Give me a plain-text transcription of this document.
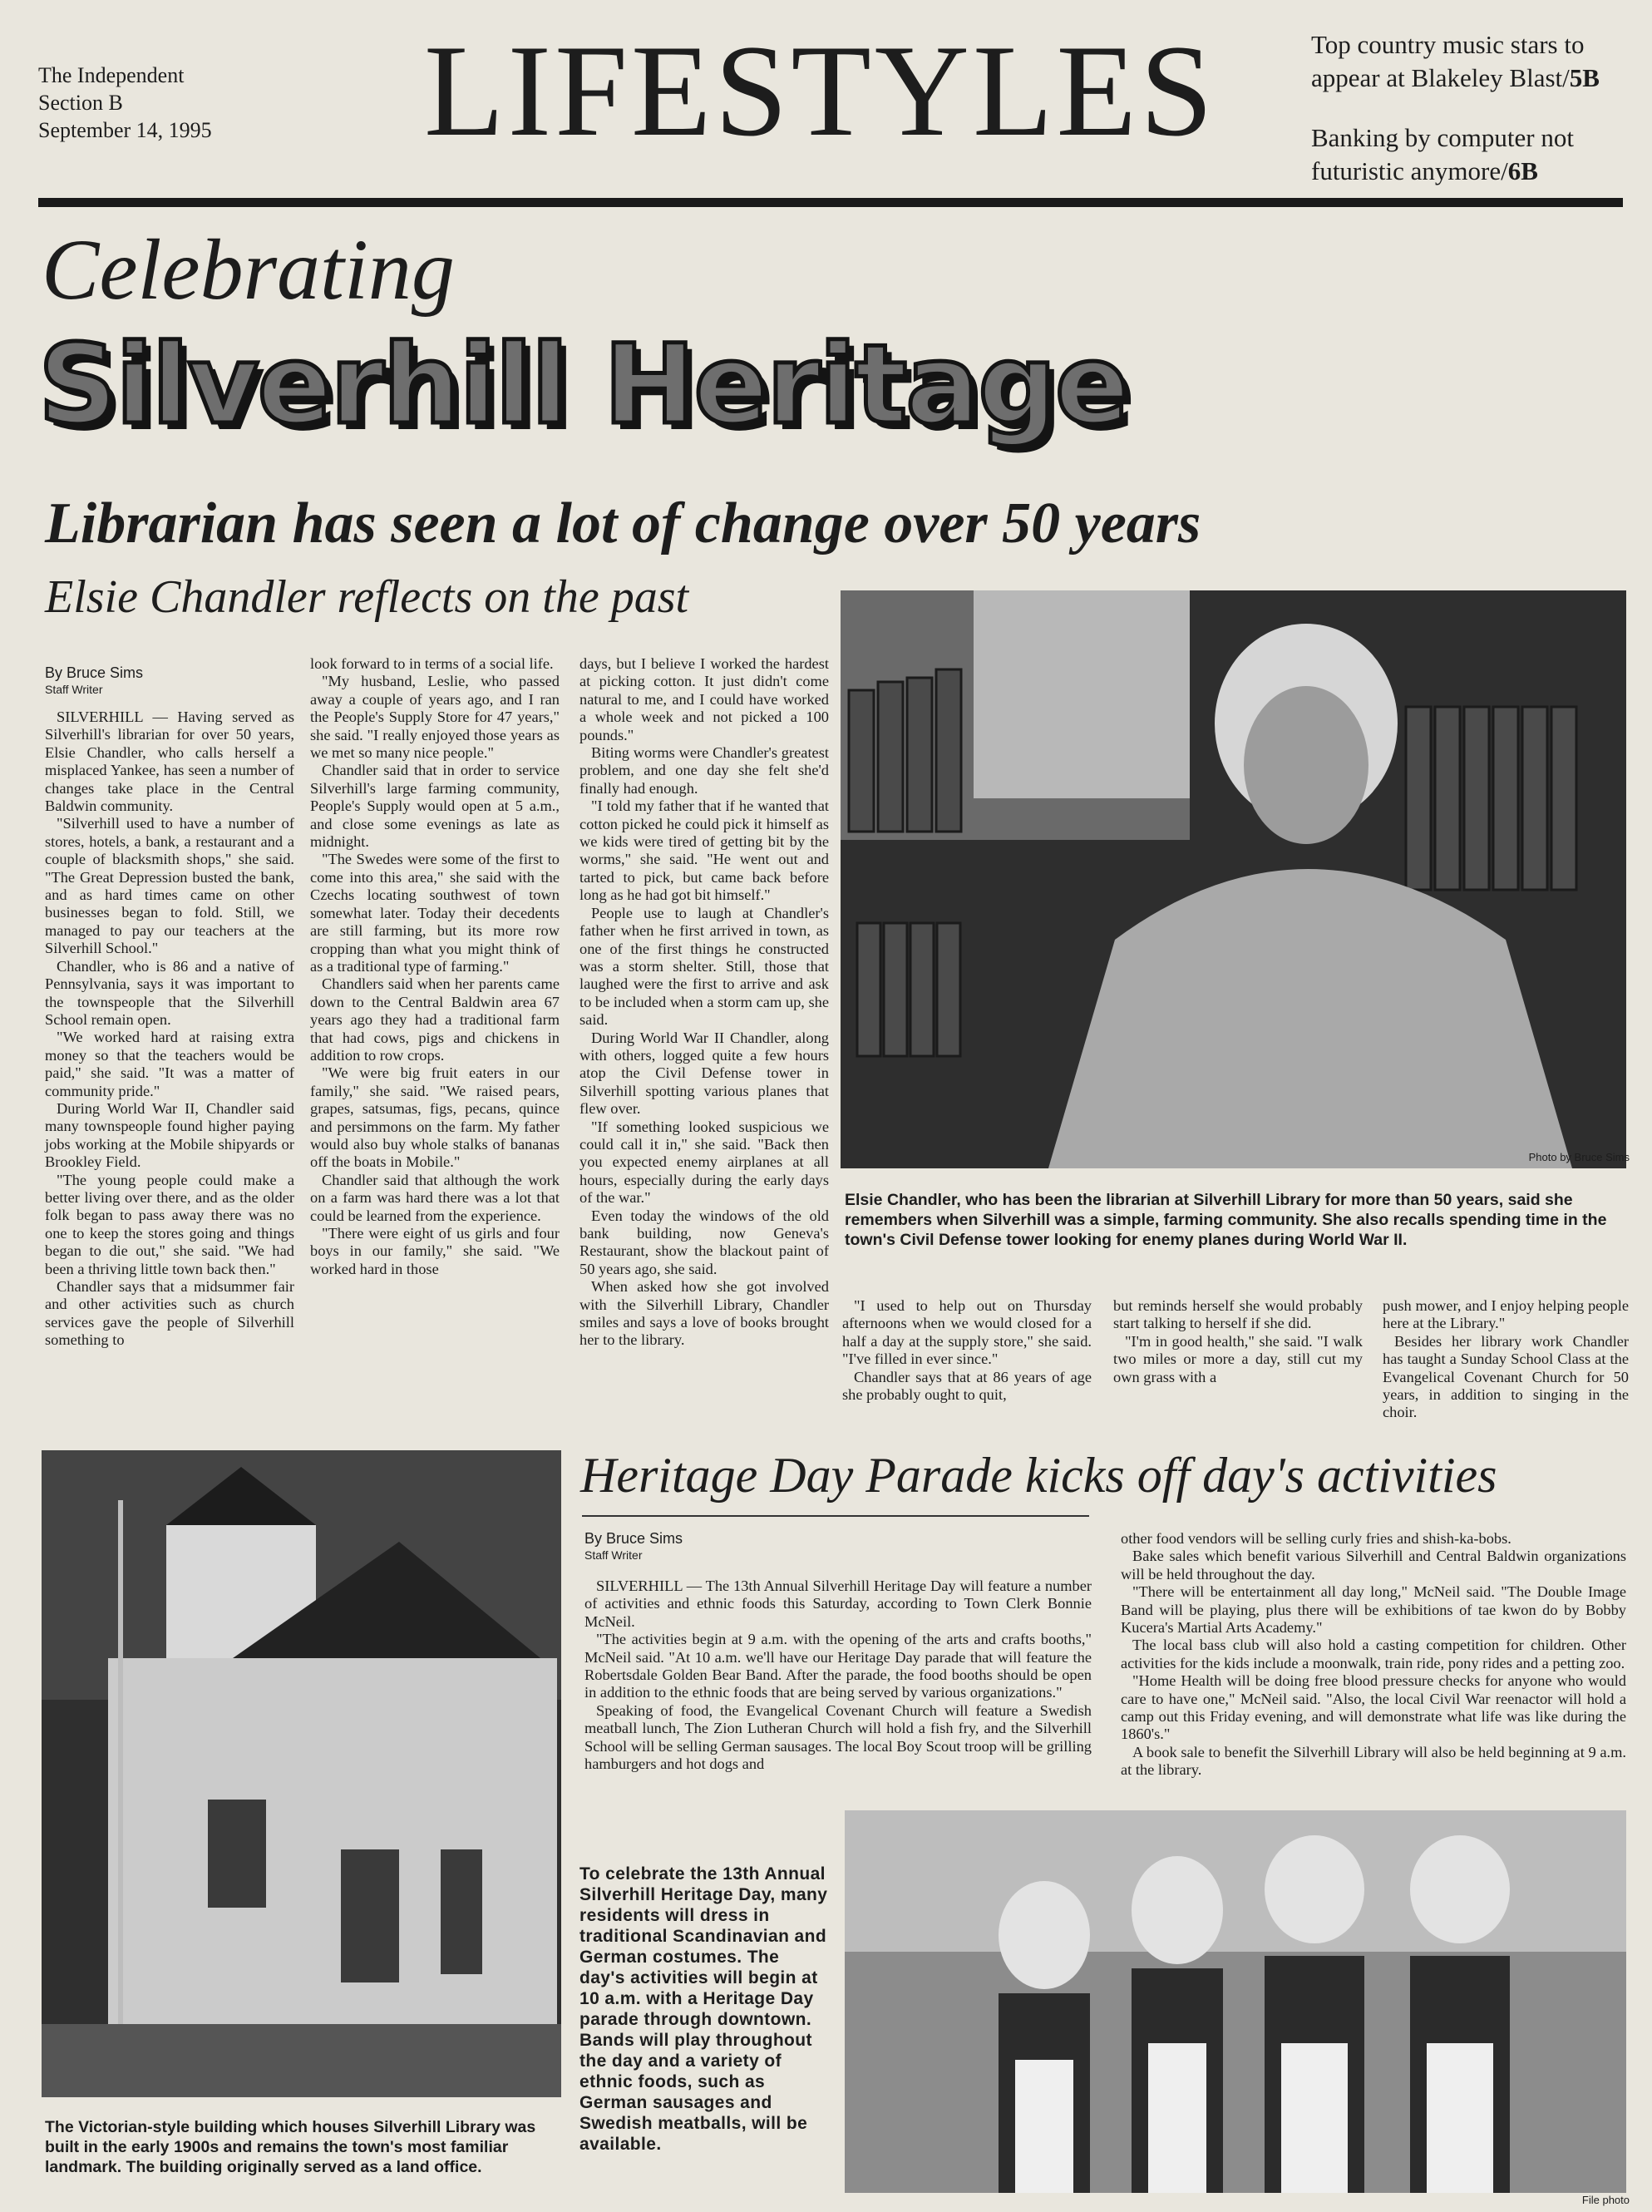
The Independent
Section B
September 14, 1995	LIFESTYLES	Top country music stars to appear at Blakeley Blast/5B
Banking by computer not futuristic anymore/6B
Celebrating
Silverhill Heritage
Librarian has seen a lot of change over 50 years
Elsie Chandler reflects on the past
By Bruce Sims
Staff Writer

SILVERHILL — Having served as Silverhill's librarian for over 50 years, Elsie Chandler, who calls herself a misplaced Yankee, has seen a number of changes take place in the Central Baldwin community.

"Silverhill used to have a number of stores, hotels, a bank, a restaurant and a couple of blacksmith shops," she said. "The Great Depression busted the bank, and as hard times came on other businesses began to fold. Still, we managed to pay our teachers at the Silverhill School."

Chandler, who is 86 and a native of Pennsylvania, says it was important to the townspeople that the Silverhill School remain open.

"We worked hard at raising extra money so that the teachers would be paid," she said. "It was a matter of community pride."

During World War II, Chandler said many townspeople found higher paying jobs working at the Mobile shipyards or Brookley Field.

"The young people could make a better living over there, and as the older folk began to pass away there was no one to keep the stores going and things began to die out," she said. "We had been a thriving little town back then."

Chandler says that a midsummer fair and other activities such as church services gave the people of Silverhill something to

look forward to in terms of a social life.

"My husband, Leslie, who passed away a couple of years ago, and I ran the People's Supply Store for 47 years," she said. "I really enjoyed those years as we met so many nice people."

Chandler said that in order to service Silverhill's large farming community, People's Supply would open at 5 a.m., and close some evenings as late as midnight.

"The Swedes were some of the first to come into this area," she said with the Czechs locating southwest of town somewhat later. Today their decedents are still farming, but its more row cropping than what you might think of as a traditional type of farming."

Chandlers said when her parents came down to the Central Baldwin area 67 years ago they had a traditional farm that had cows, pigs and chickens in addition to row crops.

"We were big fruit eaters in our family," she said. "We raised pears, grapes, satsumas, figs, pecans, quince and persimmons on the farm. My father would also buy whole stalks of bananas off the boats in Mobile."

Chandler said that although the work on a farm was hard there was a lot that could be learned from the experience.

"There were eight of us girls and four boys in our family," she said. "We worked hard in those

days, but I believe I worked the hardest at picking cotton. It just didn't come natural to me, and I could have worked a whole week and not picked a 100 pounds."

Biting worms were Chandler's greatest problem, and one day she felt she'd finally had enough.

"I told my father that if he wanted that cotton picked he could pick it himself as we kids were tired of getting bit by the worms," she said. "He went out and tarted to pick, but came back before long as he had got bit himself."

People use to laugh at Chandler's father when he first arrived in town, as one of the first things he constructed was a storm shelter. Still, those that laughed were the first to arrive and ask to be included when a storm cam up, she said.

During World War II Chandler, along with others, logged quite a few hours atop the Civil Defense tower in Silverhill spotting various planes that flew over.

"If something looked suspicious we could call it in," she said. "Back then you expected enemy airplanes at all hours, especially during the early days of the war."

Even today the windows of the old bank building, now Geneva's Restaurant, show the blackout paint of 50 years ago, she said.

When asked how she got involved with the Silverhill Library, Chandler smiles and says a love of books brought her to the library.

Photo by Bruce Sims
Elsie Chandler, who has been the librarian at Silverhill Library for more than 50 years, said she remembers when Silverhill was a simple, farming community. She also recalls spending time in the town's Civil Defense tower looking for enemy planes during World War II.

"I used to help out on Thursday afternoons when we would closed for a half a day at the supply store," she said. "I've filled in ever since."

Chandler says that at 86 years of age she probably ought to quit,

but reminds herself she would probably start talking to herself if she did.

"I'm in good health," she said. "I walk two miles or more a day, still cut my own grass with a

push mower, and I enjoy helping people here at the Library."

Besides her library work Chandler has taught a Sunday School Class at the Evangelical Covenant Church for 50 years, in addition to singing in the choir.

The Victorian-style building which houses Silverhill Library was built in the early 1900s and remains the town's most familiar landmark. The building originally served as a land office.
Heritage Day Parade kicks off day's activities
By Bruce Sims
Staff Writer

SILVERHILL — The 13th Annual Silverhill Heritage Day will feature a number of activities and ethnic foods this Saturday, according to Town Clerk Bonnie McNeil.

"The activities begin at 9 a.m. with the opening of the arts and crafts booths," McNeil said. "At 10 a.m. we'll have our Heritage Day parade that will feature the Robertsdale Golden Bear Band. After the parade, the food booths should be open in addition to the ethnic foods that are being served by various organizations."

Speaking of food, the Evangelical Covenant Church will feature a Swedish meatball lunch, The Zion Lutheran Church will hold a fish fry, and the Silverhill School will be selling German sausages. The local Boy Scout troop will be grilling hamburgers and hot dogs and

other food vendors will be selling curly fries and shish-ka-bobs.

Bake sales which benefit various Silverhill and Central Baldwin organizations will be held throughout the day.

"There will be entertainment all day long," McNeil said. "The Double Image Band will be playing, plus there will be exhibitions of tae kwon do by Bobby Kucera's Martial Arts Academy."

The local bass club will also hold a casting competition for children. Other activities for the kids include a moonwalk, train ride, pony rides and a petting zoo.

"Home Health will be doing free blood pressure checks for anyone who would care to have one," McNeil said. "Also, the local Civil War reenactor will hold a camp out this Friday evening, and will demonstrate what life was like during the 1860's."

A book sale to benefit the Silverhill Library will also be held beginning at 9 a.m. at the library.

To celebrate the 13th Annual Silverhill Heritage Day, many residents will dress in traditional Scandinavian and German costumes. The day's activities will begin at 10 a.m. with a Heritage Day parade through downtown. Bands will play throughout the day and a variety of ethnic foods, such as German sausages and Swedish meatballs, will be available.
File photo
